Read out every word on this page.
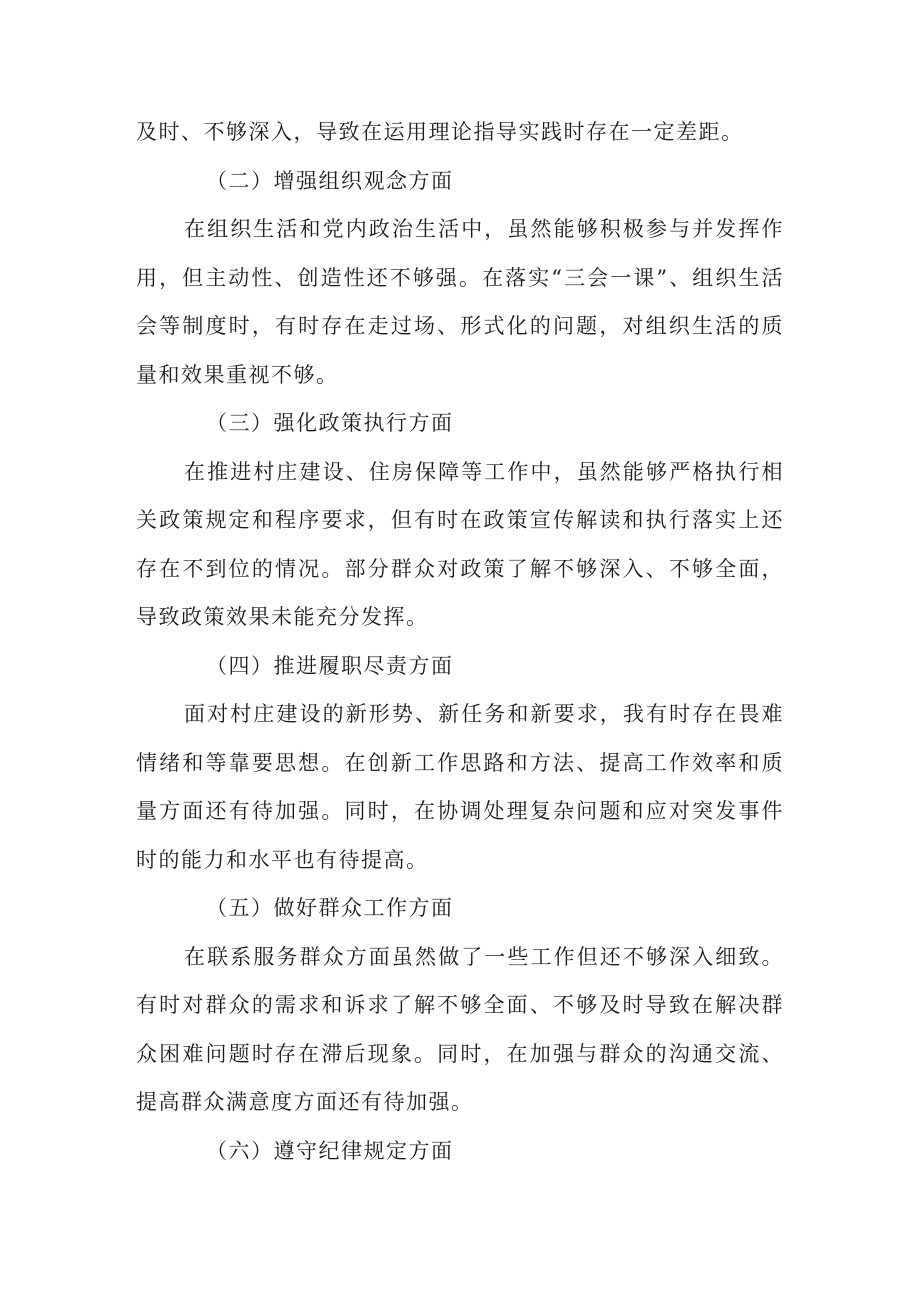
及时、不够深入，导致在运用理论指导实践时存在一定差距。

（二）增强组织观念方面

在组织生活和党内政治生活中，虽然能够积极参与并发挥作用，但主动性、创造性还不够强。在落实“三会一课”、组织生活会等制度时，有时存在走过场、形式化的问题，对组织生活的质量和效果重视不够。

（三）强化政策执行方面

在推进村庄建设、住房保障等工作中，虽然能够严格执行相关政策规定和程序要求，但有时在政策宣传解读和执行落实上还存在不到位的情况。部分群众对政策了解不够深入、不够全面，导致政策效果未能充分发挥。

（四）推进履职尽责方面

面对村庄建设的新形势、新任务和新要求，我有时存在畏难情绪和等靠要思想。在创新工作思路和方法、提高工作效率和质量方面还有待加强。同时，在协调处理复杂问题和应对突发事件时的能力和水平也有待提高。

（五）做好群众工作方面

在联系服务群众方面虽然做了一些工作但还不够深入细致。有时对群众的需求和诉求了解不够全面、不够及时导致在解决群众困难问题时存在滞后现象。同时，在加强与群众的沟通交流、提高群众满意度方面还有待加强。

（六）遵守纪律规定方面
